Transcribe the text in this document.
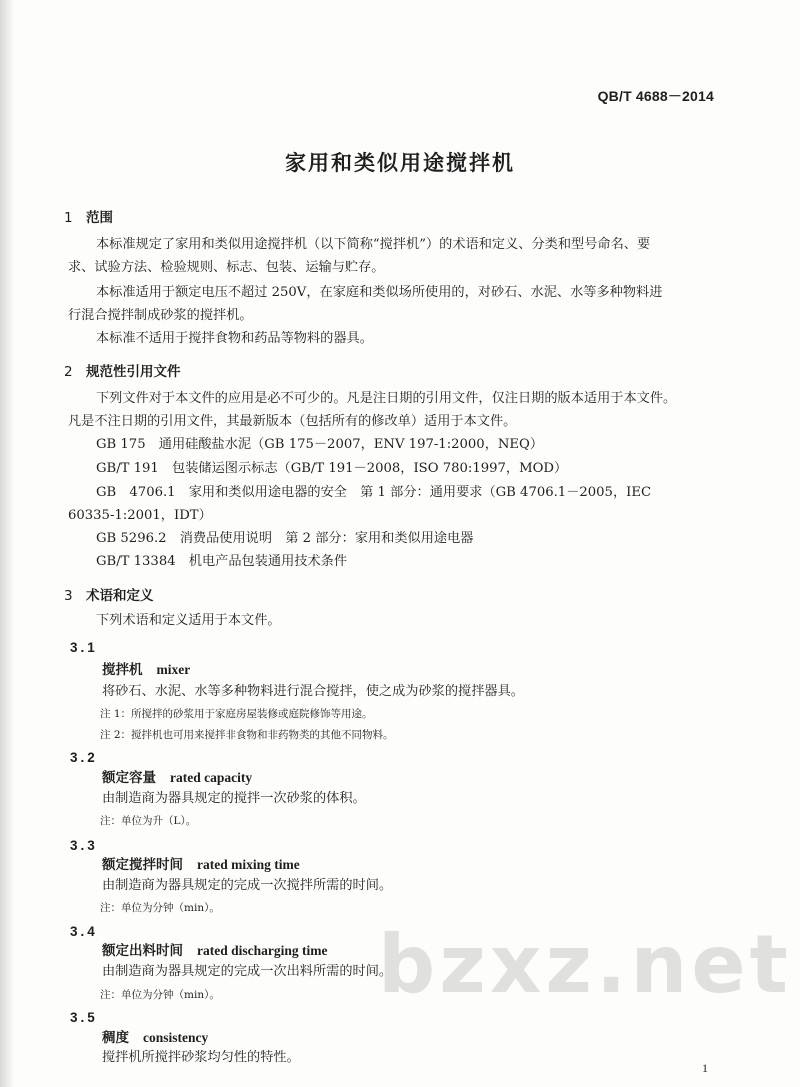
QB/T 4688－2014
家用和类似用途搅拌机
1 范围
本标准规定了家用和类似用途搅拌机（以下简称“搅拌机”）的术语和定义、分类和型号命名、要
求、试验方法、检验规则、标志、包装、运输与贮存。
本标准适用于额定电压不超过 250V，在家庭和类似场所使用的，对砂石、水泥、水等多种物料进
行混合搅拌制成砂浆的搅拌机。
本标准不适用于搅拌食物和药品等物料的器具。
2 规范性引用文件
下列文件对于本文件的应用是必不可少的。凡是注日期的引用文件，仅注日期的版本适用于本文件。
凡是不注日期的引用文件，其最新版本（包括所有的修改单）适用于本文件。
GB 175　通用硅酸盐水泥（GB 175－2007，ENV 197-1:2000，NEQ）
GB/T 191　包装储运图示标志（GB/T 191－2008，ISO 780:1997，MOD）
GB　4706.1　家用和类似用途电器的安全　第 1 部分：通用要求（GB 4706.1－2005，IEC
60335-1:2001，IDT）
GB 5296.2　消费品使用说明　第 2 部分：家用和类似用途电器
GB/T 13384　机电产品包装通用技术条件
3 术语和定义
下列术语和定义适用于本文件。
3.1
搅拌机 mixer
将砂石、水泥、水等多种物料进行混合搅拌，使之成为砂浆的搅拌器具。
注 1：所搅拌的砂浆用于家庭房屋装修或庭院修饰等用途。
注 2：搅拌机也可用来搅拌非食物和非药物类的其他不同物料。
3.2
额定容量 rated capacity
由制造商为器具规定的搅拌一次砂浆的体积。
注：单位为升（L）。
3.3
额定搅拌时间 rated mixing time
由制造商为器具规定的完成一次搅拌所需的时间。
注：单位为分钟（min）。
3.4
额定出料时间 rated discharging time
由制造商为器具规定的完成一次出料所需的时间。
注：单位为分钟（min）。
3.5
稠度 consistency
搅拌机所搅拌砂浆均匀性的特性。
bzxz.net
1
